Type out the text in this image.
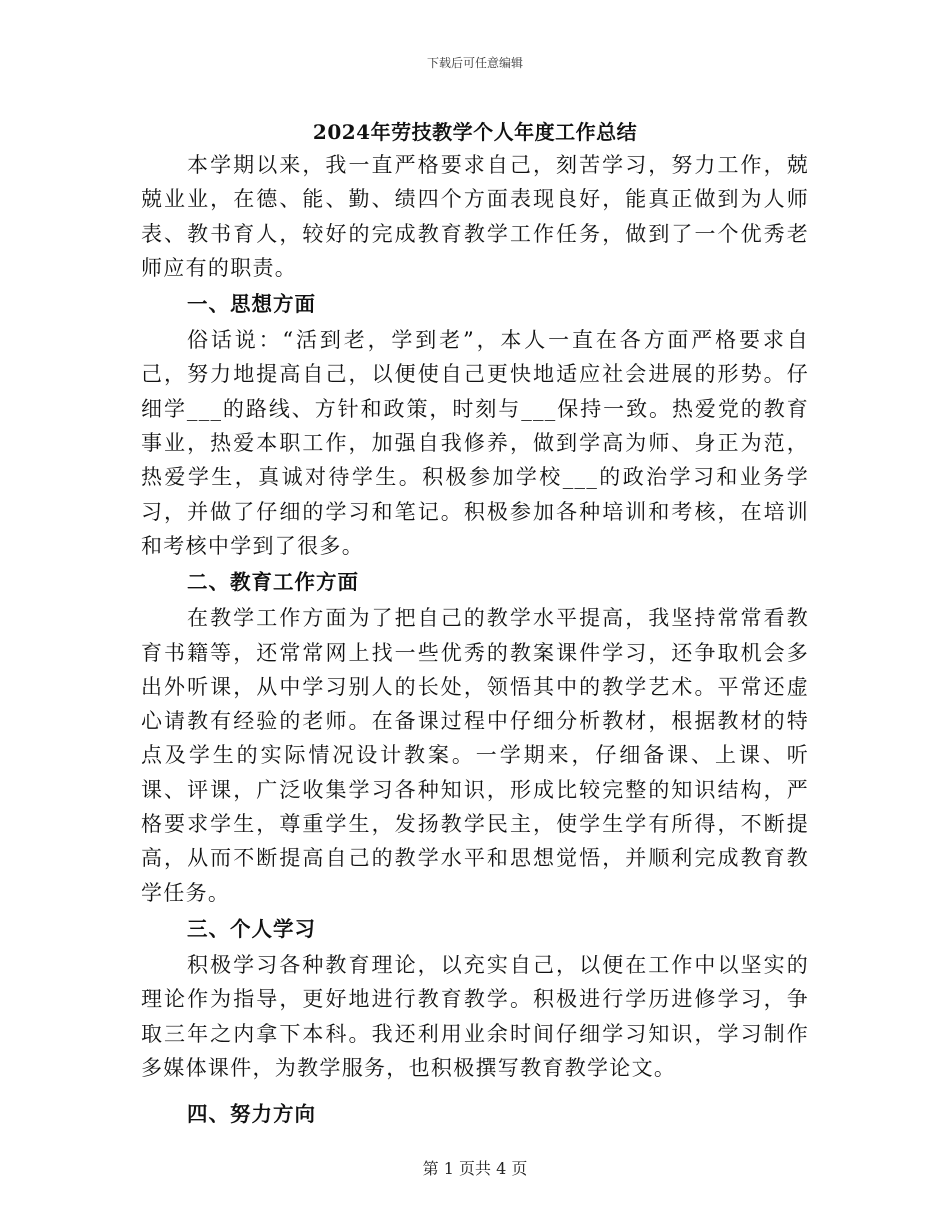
下载后可任意编辑
2024年劳技教学个人年度工作总结

本学期以来，我一直严格要求自己，刻苦学习，努力工作，兢兢业业，在德、能、勤、绩四个方面表现良好，能真正做到为人师表、教书育人，较好的完成教育教学工作任务，做到了一个优秀老师应有的职责。

一、思想方面

俗话说：“活到老，学到老”，本人一直在各方面严格要求自己，努力地提高自己，以便使自己更快地适应社会进展的形势。仔细学___的路线、方针和政策，时刻与___保持一致。热爱党的教育事业，热爱本职工作，加强自我修养，做到学高为师、身正为范，热爱学生，真诚对待学生。积极参加学校___的政治学习和业务学习，并做了仔细的学习和笔记。积极参加各种培训和考核，在培训和考核中学到了很多。

二、教育工作方面

在教学工作方面为了把自己的教学水平提高，我坚持常常看教育书籍等，还常常网上找一些优秀的教案课件学习，还争取机会多出外听课，从中学习别人的长处，领悟其中的教学艺术。平常还虚心请教有经验的老师。在备课过程中仔细分析教材，根据教材的特点及学生的实际情况设计教案。一学期来，仔细备课、上课、听课、评课，广泛收集学习各种知识，形成比较完整的知识结构，严格要求学生，尊重学生，发扬教学民主，使学生学有所得，不断提高，从而不断提高自己的教学水平和思想觉悟，并顺利完成教育教学任务。

三、个人学习

积极学习各种教育理论，以充实自己，以便在工作中以坚实的理论作为指导，更好地进行教育教学。积极进行学历进修学习，争取三年之内拿下本科。我还利用业余时间仔细学习知识，学习制作多媒体课件，为教学服务，也积极撰写教育教学论文。

四、努力方向
第 1 页共 4 页
